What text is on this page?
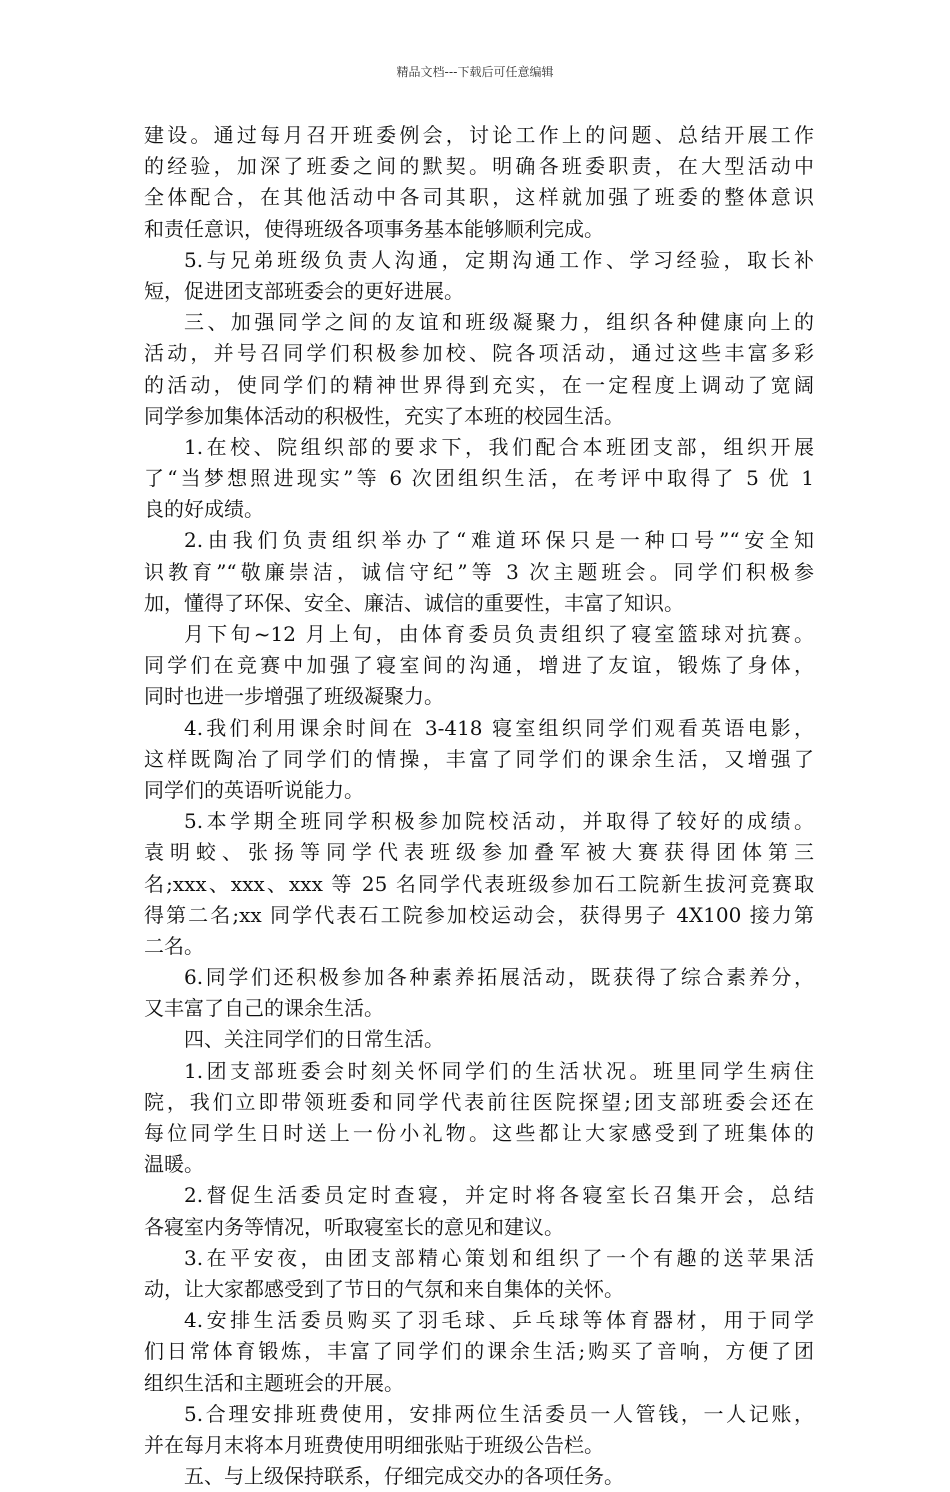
精品文档---下载后可任意编辑
建设。通过每月召开班委例会，讨论工作上的问题、总结开展工作
的经验，加深了班委之间的默契。明确各班委职责，在大型活动中
全体配合，在其他活动中各司其职，这样就加强了班委的整体意识
和责任意识，使得班级各项事务基本能够顺利完成。
5.与兄弟班级负责人沟通，定期沟通工作、学习经验，取长补
短，促进团支部班委会的更好进展。
三、加强同学之间的友谊和班级凝聚力，组织各种健康向上的
活动，并号召同学们积极参加校、院各项活动，通过这些丰富多彩
的活动，使同学们的精神世界得到充实，在一定程度上调动了宽阔
同学参加集体活动的积极性，充实了本班的校园生活。
1.在校、院组织部的要求下，我们配合本班团支部，组织开展
了“当梦想照进现实”等 6 次团组织生活，在考评中取得了 5 优 1
良的好成绩。
2.由我们负责组织举办了“难道环保只是一种口号”“安全知
识教育”“敬廉崇洁，诚信守纪”等 3 次主题班会。同学们积极参
加，懂得了环保、安全、廉洁、诚信的重要性，丰富了知识。
月下旬~12 月上旬，由体育委员负责组织了寝室篮球对抗赛。
同学们在竞赛中加强了寝室间的沟通，增进了友谊，锻炼了身体，
同时也进一步增强了班级凝聚力。
4.我们利用课余时间在 3-418 寝室组织同学们观看英语电影，
这样既陶冶了同学们的情操，丰富了同学们的课余生活，又增强了
同学们的英语听说能力。
5.本学期全班同学积极参加院校活动，并取得了较好的成绩。
袁明蛟、张扬等同学代表班级参加叠军被大赛获得团体第三
名;xxx、xxx、xxx 等 25 名同学代表班级参加石工院新生拔河竞赛取
得第二名;xx 同学代表石工院参加校运动会，获得男子 4X100 接力第
二名。
6.同学们还积极参加各种素养拓展活动，既获得了综合素养分，
又丰富了自己的课余生活。
四、关注同学们的日常生活。
1.团支部班委会时刻关怀同学们的生活状况。班里同学生病住
院，我们立即带领班委和同学代表前往医院探望;团支部班委会还在
每位同学生日时送上一份小礼物。这些都让大家感受到了班集体的
温暖。
2.督促生活委员定时查寝，并定时将各寝室长召集开会，总结
各寝室内务等情况，听取寝室长的意见和建议。
3.在平安夜，由团支部精心策划和组织了一个有趣的送苹果活
动，让大家都感受到了节日的气氛和来自集体的关怀。
4.安排生活委员购买了羽毛球、乒乓球等体育器材，用于同学
们日常体育锻炼，丰富了同学们的课余生活;购买了音响，方便了团
组织生活和主题班会的开展。
5.合理安排班费使用，安排两位生活委员一人管钱，一人记账，
并在每月末将本月班费使用明细张贴于班级公告栏。
五、与上级保持联系，仔细完成交办的各项任务。
